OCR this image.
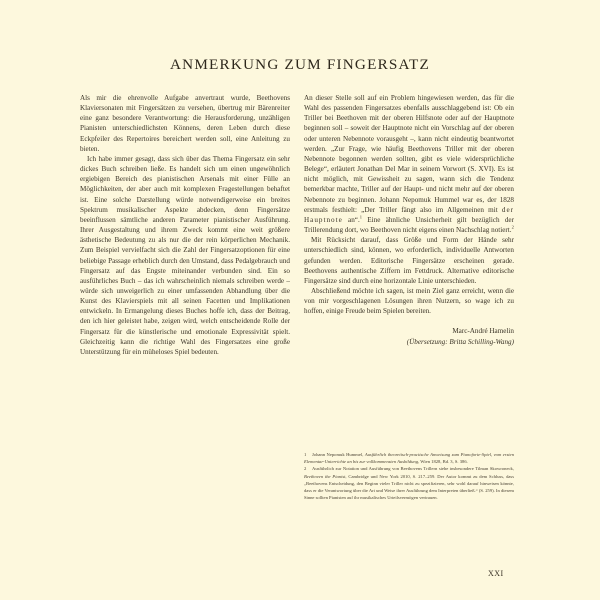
ANMERKUNG ZUM FINGERSATZ

Als mir die ehrenvolle Aufgabe anvertraut wurde, Beethovens Klaviersonaten mit Fingersätzen zu versehen, übertrug mir Bärenreiter eine ganz besondere Verantwortung: die Herausforderung, unzähligen Pianisten unterschiedlichsten Könnens, deren Leben durch diese Eckpfeiler des Repertoires bereichert werden soll, eine Anleitung zu bieten.

Ich habe immer gesagt, dass sich über das Thema Fingersatz ein sehr dickes Buch schreiben ließe. Es handelt sich um einen ungewöhnlich ergiebigen Bereich des pianistischen Arsenals mit einer Fülle an Möglichkeiten, der aber auch mit komplexen Fragestellungen behaftet ist. Eine solche Darstellung würde notwendigerweise ein breites Spektrum musikalischer Aspekte abdecken, denn Fingersätze beeinflussen sämtliche anderen Parameter pianistischer Ausführung. Ihrer Ausgestaltung und ihrem Zweck kommt eine weit größere ästhetische Bedeutung zu als nur die der rein körperlichen Mechanik. Zum Beispiel vervielfacht sich die Zahl der Fingersatzoptionen für eine beliebige Passage erheblich durch den Umstand, dass Pedalgebrauch und Fingersatz auf das Engste miteinander verbunden sind. Ein so ausführliches Buch – das ich wahrscheinlich niemals schreiben werde – würde sich unweigerlich zu einer umfassenden Abhandlung über die Kunst des Klavierspiels mit all seinen Facetten und Implikationen entwickeln. In Ermangelung dieses Buches hoffe ich, dass der Beitrag, den ich hier geleistet habe, zeigen wird, welch entscheidende Rolle der Fingersatz für die künstlerische und emotionale Expressivität spielt. Gleichzeitig kann die richtige Wahl des Fingersatzes eine große Unterstützung für ein müheloses Spiel bedeuten.

An dieser Stelle soll auf ein Problem hingewiesen werden, das für die Wahl des passenden Fingersatzes ebenfalls ausschlaggebend ist: Ob ein Triller bei Beethoven mit der oberen Hilfsnote oder auf der Hauptnote beginnen soll – soweit der Hauptnote nicht ein Vorschlag auf der oberen oder unteren Nebennote vorausgeht –, kann nicht eindeutig beantwortet werden. „Zur Frage, wie häufig Beethovens Triller mit der oberen Nebennote begonnen werden sollten, gibt es viele widersprüchliche Belege“, erläutert Jonathan Del Mar in seinem Vorwort (S. XVI). Es ist nicht möglich, mit Gewissheit zu sagen, wann sich die Tendenz bemerkbar machte, Triller auf der Haupt- und nicht mehr auf der oberen Nebennote zu beginnen. Johann Nepomuk Hummel war es, der 1828 erstmals festhielt: „Der Triller fängt also im Allgemeinen mit der Hauptnote an“.$^1$ Eine ähnliche Unsicherheit gilt bezüglich der Trillerendung dort, wo Beethoven nicht eigens einen Nachschlag notiert.$^2$

Mit Rücksicht darauf, dass Größe und Form der Hände sehr unterschiedlich sind, können, wo erforderlich, individuelle Antworten gefunden werden. Editorische Fingersätze erscheinen gerade. Beethovens authentische Ziffern im Fettdruck. Alternative editorische Fingersätze sind durch eine horizontale Linie unterschieden.

Abschließend möchte ich sagen, ist mein Ziel ganz erreicht, wenn die von mir vorgeschlagenen Lösungen ihren Nutzern, so wage ich zu hoffen, einige Freude beim Spielen bereiten.

Marc-André Hamelin
(Übersetzung: Britta Schilling-Wang)

1 Johann Nepomuk Hummel, Ausführlich theoretisch-practische Anweisung zum Pianoforte-Spiel, vom ersten Elementar-Unterrichte an bis zur vollkommensten Ausbildung, Wien 1828, Bd. 3, S. 386.

2 Ausführlich zur Notation und Ausführung von Beethovens Trillern siehe insbesondere Tilman Skowroneck, Beethoven the Pianist, Cambridge und New York 2010, S. 217–259. Der Autor kommt zu dem Schluss, dass „Beethovens Entscheidung, den Beginn vieler Triller nicht zu spezifizieren, sehr wohl darauf hinweisen könnte, dass er die Verantwortung über die Art und Weise ihrer Ausführung dem Interpreten überließ.“ (S. 259). In diesem Sinne sollten Pianisten auf ihr musikalisches Urteilsvermögen vertrauen.

XXI
